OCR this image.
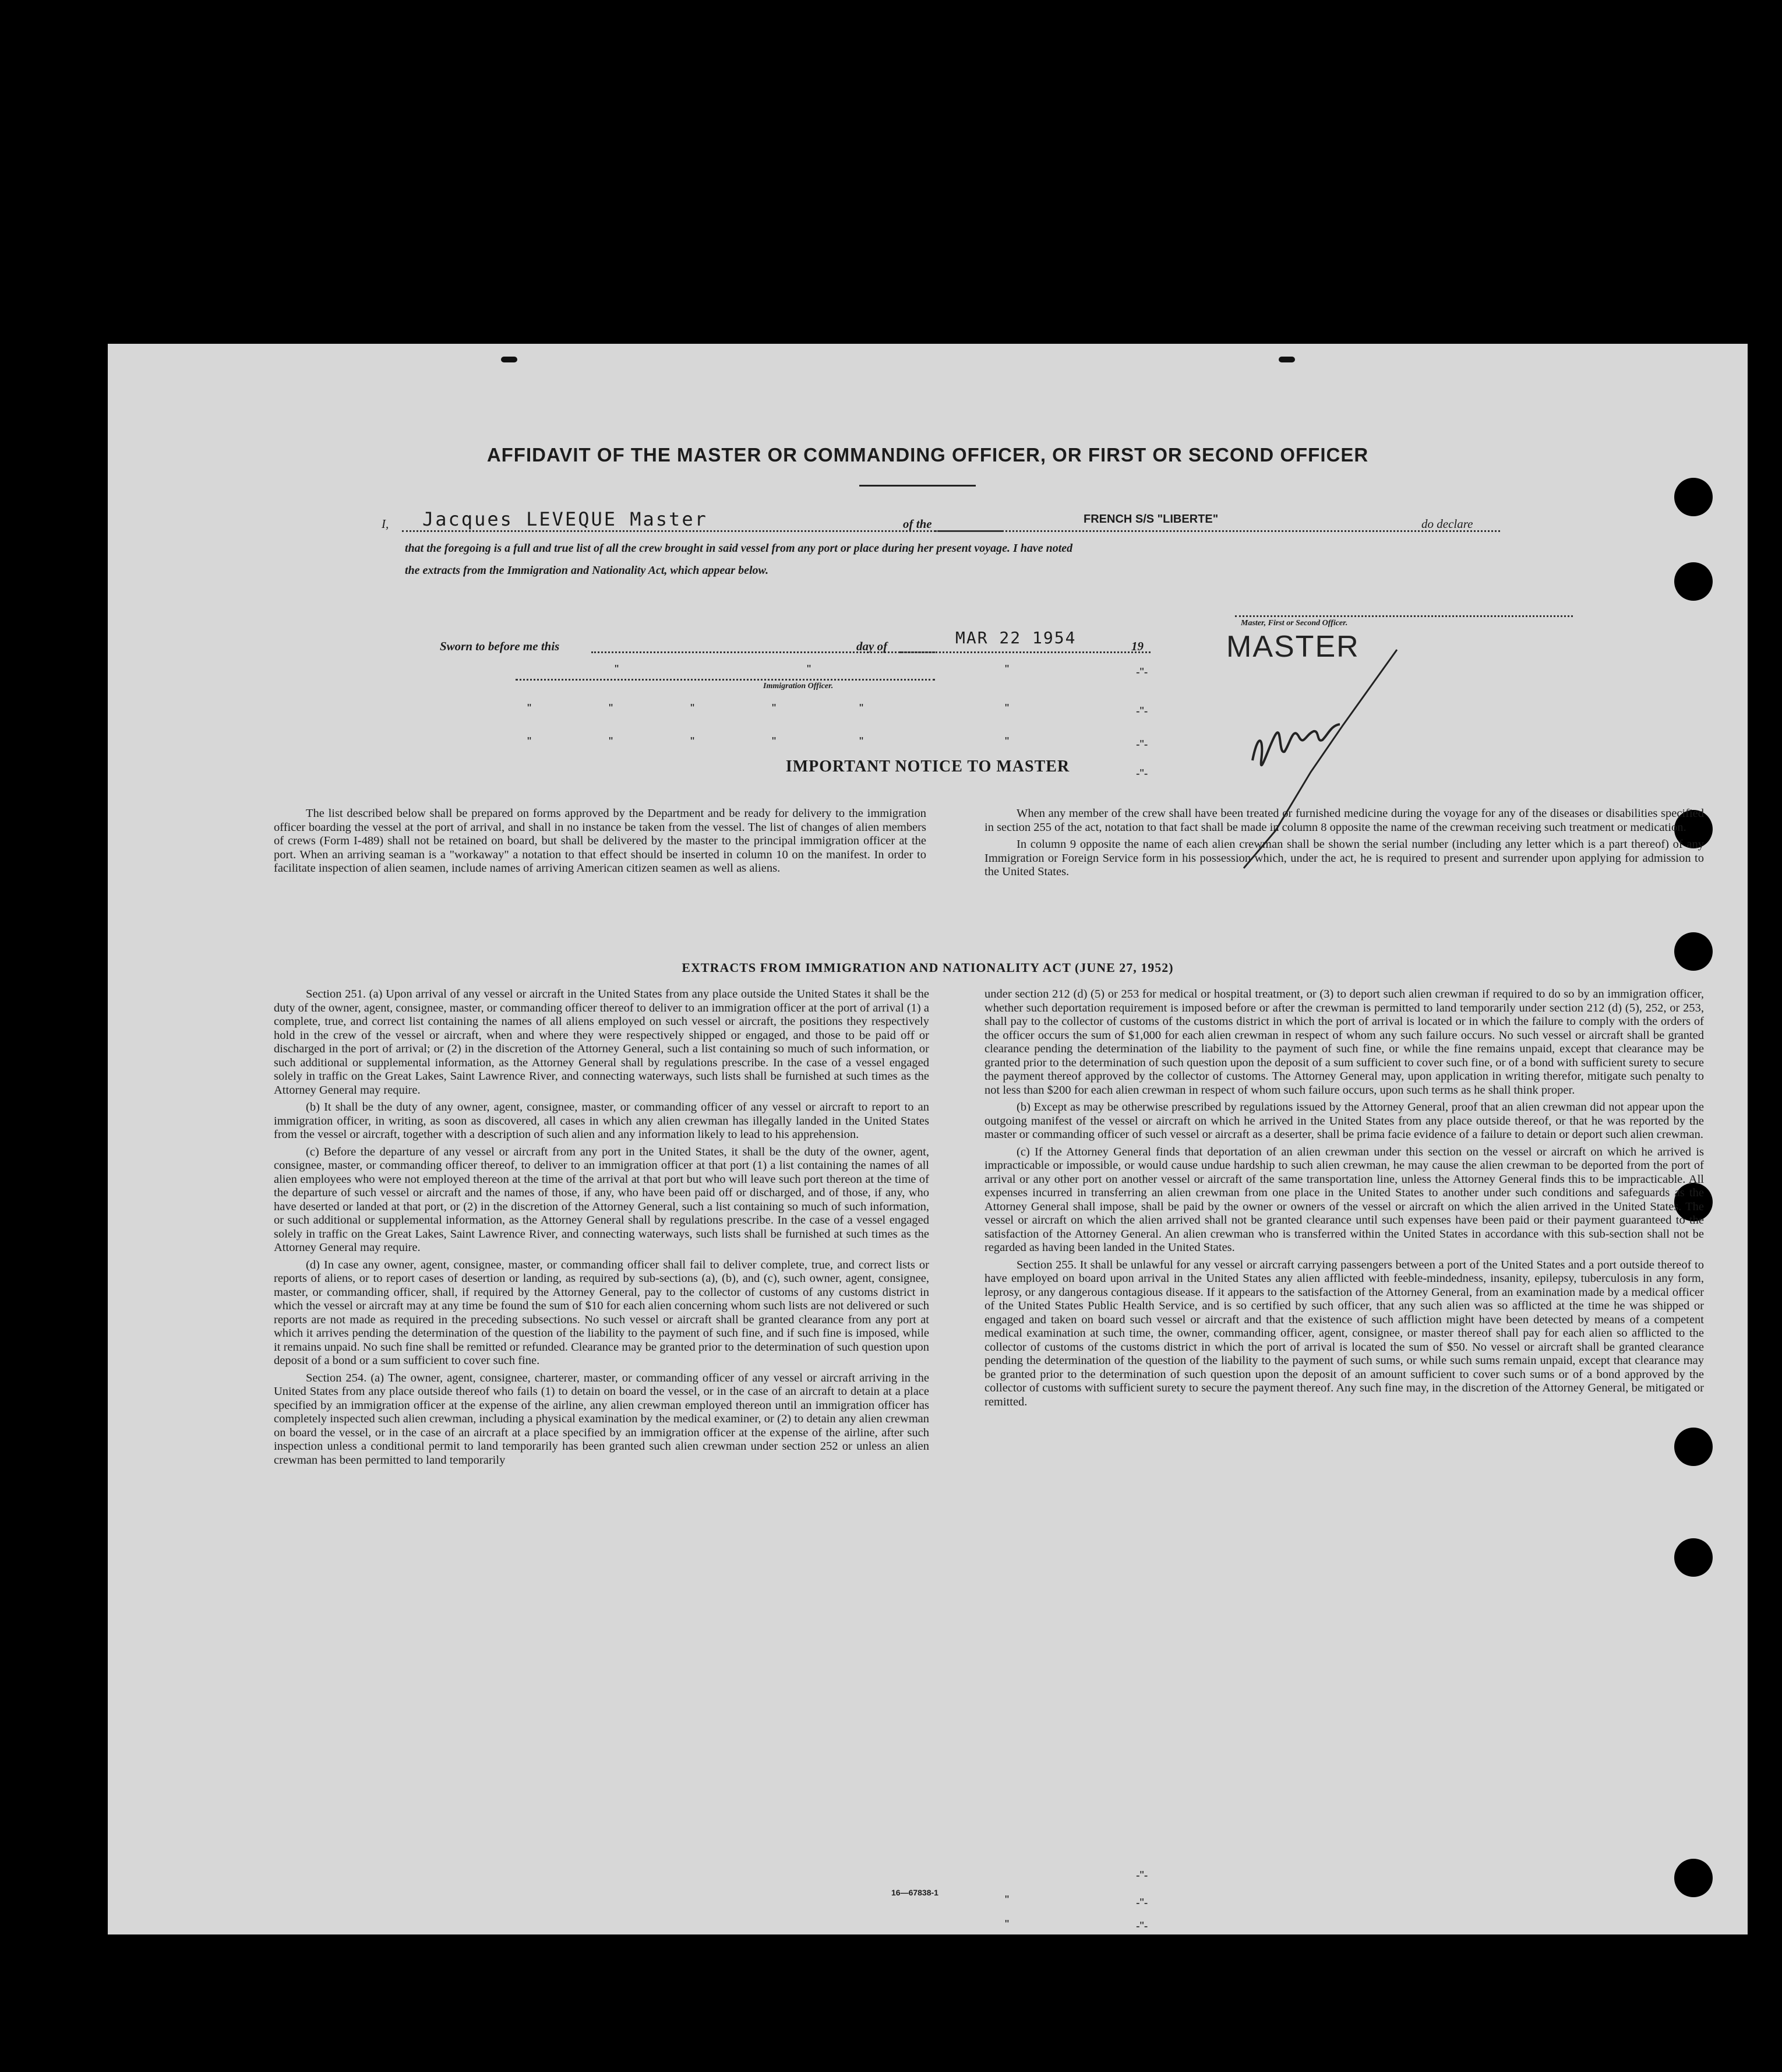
AFFIDAVIT OF THE MASTER OR COMMANDING OFFICER, OR FIRST OR SECOND OFFICER
I, Jacques LEVEQUE Master	of the	FRENCH S/S "LIBERTE"	do declare
that the foregoing is a full and true list of all the crew brought in said vessel from any port or place during her present voyage. I have noted
the extracts from the Immigration and Nationality Act, which appear below.
Master, First or Second Officer.
MASTER
Sworn to before me this	day of	MAR 22 1954	19
"	"	"	-"-
Immigration Officer.
"	"	"	"	"	"	-"-
"	"	"	"	"	"	-"-
-"-
IMPORTANT NOTICE TO MASTER

The list described below shall be prepared on forms approved by the Department and be ready for delivery to the immigration officer boarding the vessel at the port of arrival, and shall in no instance be taken from the vessel. The list of changes of alien members of crews (Form I-489) shall not be retained on board, but shall be delivered by the master to the principal immigration officer at the port. When an arriving seaman is a "workaway" a notation to that effect should be inserted in column 10 on the manifest. In order to facilitate inspection of alien seamen, include names of arriving American citizen seamen as well as aliens.

When any member of the crew shall have been treated or furnished medicine during the voyage for any of the diseases or disabilities specified in section 255 of the act, notation to that fact shall be made in column 8 opposite the name of the crewman receiving such treatment or medication.

In column 9 opposite the name of each alien crewman shall be shown the serial number (including any letter which is a part thereof) of any Immigration or Foreign Service form in his possession which, under the act, he is required to present and surrender upon applying for admission to the United States.

EXTRACTS FROM IMMIGRATION AND NATIONALITY ACT (JUNE 27, 1952)

Section 251. (a) Upon arrival of any vessel or aircraft in the United States from any place outside the United States it shall be the duty of the owner, agent, consignee, master, or commanding officer thereof to deliver to an immigration officer at the port of arrival (1) a complete, true, and correct list containing the names of all aliens employed on such vessel or aircraft, the positions they respectively hold in the crew of the vessel or aircraft, when and where they were respectively shipped or engaged, and those to be paid off or discharged in the port of arrival; or (2) in the discretion of the Attorney General, such a list containing so much of such information, or such additional or supplemental information, as the Attorney General shall by regulations prescribe. In the case of a vessel engaged solely in traffic on the Great Lakes, Saint Lawrence River, and connecting waterways, such lists shall be furnished at such times as the Attorney General may require.

(b) It shall be the duty of any owner, agent, consignee, master, or commanding officer of any vessel or aircraft to report to an immigration officer, in writing, as soon as discovered, all cases in which any alien crewman has illegally landed in the United States from the vessel or aircraft, together with a description of such alien and any information likely to lead to his apprehension.

(c) Before the departure of any vessel or aircraft from any port in the United States, it shall be the duty of the owner, agent, consignee, master, or commanding officer thereof, to deliver to an immigration officer at that port (1) a list containing the names of all alien employees who were not employed thereon at the time of the arrival at that port but who will leave such port thereon at the time of the departure of such vessel or aircraft and the names of those, if any, who have been paid off or discharged, and of those, if any, who have deserted or landed at that port, or (2) in the discretion of the Attorney General, such a list containing so much of such information, or such additional or supplemental information, as the Attorney General shall by regulations prescribe. In the case of a vessel engaged solely in traffic on the Great Lakes, Saint Lawrence River, and connecting waterways, such lists shall be furnished at such times as the Attorney General may require.

(d) In case any owner, agent, consignee, master, or commanding officer shall fail to deliver complete, true, and correct lists or reports of aliens, or to report cases of desertion or landing, as required by sub-sections (a), (b), and (c), such owner, agent, consignee, master, or commanding officer, shall, if required by the Attorney General, pay to the collector of customs of any customs district in which the vessel or aircraft may at any time be found the sum of $10 for each alien concerning whom such lists are not delivered or such reports are not made as required in the preceding subsections. No such vessel or aircraft shall be granted clearance from any port at which it arrives pending the determination of the question of the liability to the payment of such fine, and if such fine is imposed, while it remains unpaid. No such fine shall be remitted or refunded. Clearance may be granted prior to the determination of such question upon deposit of a bond or a sum sufficient to cover such fine.

Section 254. (a) The owner, agent, consignee, charterer, master, or commanding officer of any vessel or aircraft arriving in the United States from any place outside thereof who fails (1) to detain on board the vessel, or in the case of an aircraft to detain at a place specified by an immigration officer at the expense of the airline, any alien crewman employed thereon until an immigration officer has completely inspected such alien crewman, including a physical examination by the medical examiner, or (2) to detain any alien crewman on board the vessel, or in the case of an aircraft at a place specified by an immigration officer at the expense of the airline, after such inspection unless a conditional permit to land temporarily has been granted such alien crewman under section 252 or unless an alien crewman has been permitted to land temporarily

under section 212 (d) (5) or 253 for medical or hospital treatment, or (3) to deport such alien crewman if required to do so by an immigration officer, whether such deportation requirement is imposed before or after the crewman is permitted to land temporarily under section 212 (d) (5), 252, or 253, shall pay to the collector of customs of the customs district in which the port of arrival is located or in which the failure to comply with the orders of the officer occurs the sum of $1,000 for each alien crewman in respect of whom any such failure occurs. No such vessel or aircraft shall be granted clearance pending the determination of the liability to the payment of such fine, or while the fine remains unpaid, except that clearance may be granted prior to the determination of such question upon the deposit of a sum sufficient to cover such fine, or of a bond with sufficient surety to secure the payment thereof approved by the collector of customs. The Attorney General may, upon application in writing therefor, mitigate such penalty to not less than $200 for each alien crewman in respect of whom such failure occurs, upon such terms as he shall think proper.

(b) Except as may be otherwise prescribed by regulations issued by the Attorney General, proof that an alien crewman did not appear upon the outgoing manifest of the vessel or aircraft on which he arrived in the United States from any place outside thereof, or that he was reported by the master or commanding officer of such vessel or aircraft as a deserter, shall be prima facie evidence of a failure to detain or deport such alien crewman.

(c) If the Attorney General finds that deportation of an alien crewman under this section on the vessel or aircraft on which he arrived is impracticable or impossible, or would cause undue hardship to such alien crewman, he may cause the alien crewman to be deported from the port of arrival or any other port on another vessel or aircraft of the same transportation line, unless the Attorney General finds this to be impracticable. All expenses incurred in transferring an alien crewman from one place in the United States to another under such conditions and safeguards as the Attorney General shall impose, shall be paid by the owner or owners of the vessel or aircraft on which the alien arrived in the United States. The vessel or aircraft on which the alien arrived shall not be granted clearance until such expenses have been paid or their payment guaranteed to the satisfaction of the Attorney General. An alien crewman who is transferred within the United States in accordance with this sub-section shall not be regarded as having been landed in the United States.

Section 255. It shall be unlawful for any vessel or aircraft carrying passengers between a port of the United States and a port outside thereof to have employed on board upon arrival in the United States any alien afflicted with feeble-mindedness, insanity, epilepsy, tuberculosis in any form, leprosy, or any dangerous contagious disease. If it appears to the satisfaction of the Attorney General, from an examination made by a medical officer of the United States Public Health Service, and is so certified by such officer, that any such alien was so afflicted at the time he was shipped or engaged and taken on board such vessel or aircraft and that the existence of such affliction might have been detected by means of a competent medical examination at such time, the owner, commanding officer, agent, consignee, or master thereof shall pay for each alien so afflicted to the collector of customs of the customs district in which the port of arrival is located the sum of $50. No vessel or aircraft shall be granted clearance pending the determination of the question of the liability to the payment of such sums, or while such sums remain unpaid, except that clearance may be granted prior to the determination of such question upon the deposit of an amount sufficient to cover such sums or of a bond approved by the collector of customs with sufficient surety to secure the payment thereof. Any such fine may, in the discretion of the Attorney General, be mitigated or remitted.

-"-
16—67838-1
"	-"-
"	-"-
